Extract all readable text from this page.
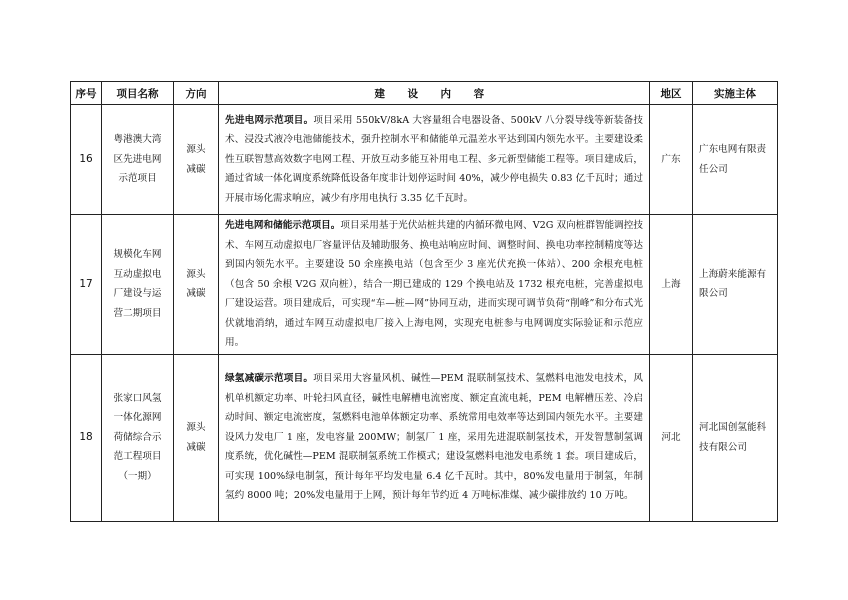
序号	项目名称	方向	建 设 内 容	地区	实施主体
16	粤港澳大湾区先进电网示范项目	源头减碳	先进电网示范项目。项目采用 550kV/8kA 大容量组合电器设备、500kV 八分裂导线等新装备技术、浸没式液冷电池储能技术，强升控制水平和储能单元温差水平达到国内领先水平。主要建设柔性互联智慧高效数字电网工程、开放互动多能互补用电工程、多元新型储能工程等。项目建成后，通过省域一体化调度系统降低设备年度非计划停运时间 40%，减少停电损失 0.83 亿千瓦时；通过开展市场化需求响应，减少有序用电执行 3.35 亿千瓦时。	广东	广东电网有限责任公司
17	规模化车网互动虚拟电厂建设与运营二期项目	源头减碳	先进电网和储能示范项目。项目采用基于光伏站桩共建的内循环微电网、V2G 双向桩群智能调控技术、车网互动虚拟电厂容量评估及辅助服务、换电站响应时间、调整时间、换电功率控制精度等达到国内领先水平。主要建设 50 余座换电站（包含至少 3 座光伏充换一体站）、200 余根充电桩（包含 50 余根 V2G 双向桩），结合一期已建成的 129 个换电站及 1732 根充电桩，完善虚拟电厂建设运营。项目建成后，可实现“车—桩—网”协同互动，进而实现可调节负荷“削峰”和分布式光伏就地消纳，通过车网互动虚拟电厂接入上海电网，实现充电桩参与电网调度实际验证和示范应用。	上海	上海蔚来能源有限公司
18	张家口风氢一体化源网荷储综合示范工程项目（一期）	源头减碳	绿氢减碳示范项目。项目采用大容量风机、碱性—PEM 混联制氢技术、氢燃料电池发电技术，风机单机额定功率、叶轮扫风直径，碱性电解槽电流密度、额定直流电耗，PEM 电解槽压差、冷启动时间、额定电流密度，氢燃料电池单体额定功率、系统常用电效率等达到国内领先水平。主要建设风力发电厂 1 座，发电容量 200MW；制氢厂 1 座，采用先进混联制氢技术，开发智慧制氢调度系统，优化碱性—PEM 混联制氢系统工作模式；建设氢燃料电池发电系统 1 套。项目建成后，可实现 100%绿电制氢，预计每年平均发电量 6.4 亿千瓦时。其中，80%发电量用于制氢，年制氢约 8000 吨；20%发电量用于上网，预计每年节约近 4 万吨标准煤、减少碳排放约 10 万吨。	河北	河北国创氢能科技有限公司
